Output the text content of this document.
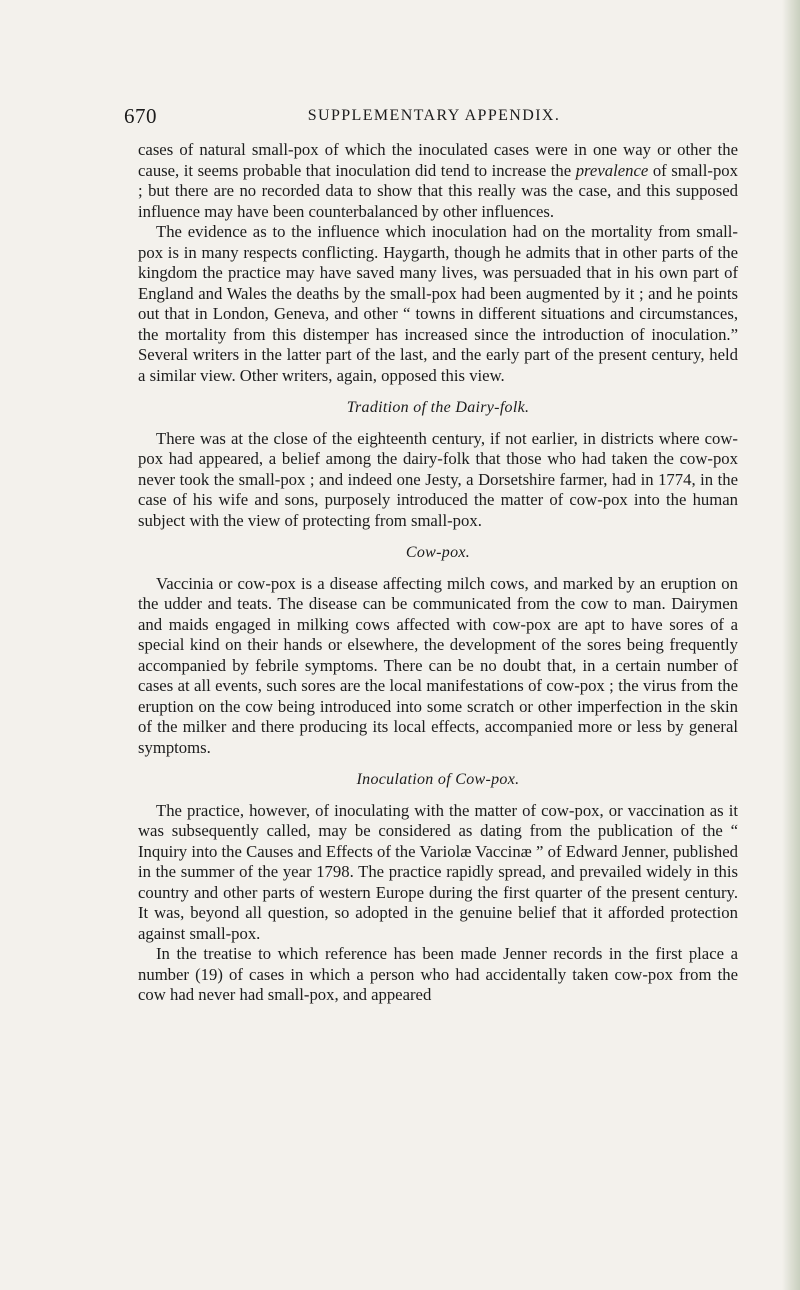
670	SUPPLEMENTARY APPENDIX.

cases of natural small-pox of which the inoculated cases were in one way or other the cause, it seems probable that inoculation did tend to increase the prevalence of small-pox ; but there are no recorded data to show that this really was the case, and this supposed influence may have been counterbalanced by other influences.

The evidence as to the influence which inoculation had on the mortality from small-pox is in many respects conflicting. Haygarth, though he admits that in other parts of the kingdom the practice may have saved many lives, was persuaded that in his own part of England and Wales the deaths by the small-pox had been augmented by it ; and he points out that in London, Geneva, and other “ towns in different situations and circumstances, the mortality from this distemper has increased since the introduction of inoculation.” Several writers in the latter part of the last, and the early part of the present century, held a similar view. Other writers, again, opposed this view.

Tradition of the Dairy-folk.

There was at the close of the eighteenth century, if not earlier, in districts where cow-pox had appeared, a belief among the dairy-folk that those who had taken the cow-pox never took the small-pox ; and indeed one Jesty, a Dorsetshire farmer, had in 1774, in the case of his wife and sons, purposely introduced the matter of cow-pox into the human subject with the view of protecting from small-pox.

Cow-pox.

Vaccinia or cow-pox is a disease affecting milch cows, and marked by an eruption on the udder and teats. The disease can be communicated from the cow to man. Dairymen and maids engaged in milking cows affected with cow-pox are apt to have sores of a special kind on their hands or elsewhere, the development of the sores being frequently accompanied by febrile symptoms. There can be no doubt that, in a certain number of cases at all events, such sores are the local manifestations of cow-pox ; the virus from the eruption on the cow being introduced into some scratch or other imperfection in the skin of the milker and there producing its local effects, accompanied more or less by general symptoms.

Inoculation of Cow-pox.

The practice, however, of inoculating with the matter of cow-pox, or vaccination as it was subsequently called, may be considered as dating from the publication of the “ Inquiry into the Causes and Effects of the Variolæ Vaccinæ ” of Edward Jenner, published in the summer of the year 1798. The practice rapidly spread, and prevailed widely in this country and other parts of western Europe during the first quarter of the present century. It was, beyond all question, so adopted in the genuine belief that it afforded protection against small-pox.

In the treatise to which reference has been made Jenner records in the first place a number (19) of cases in which a person who had accidentally taken cow-pox from the cow had never had small-pox, and appeared
